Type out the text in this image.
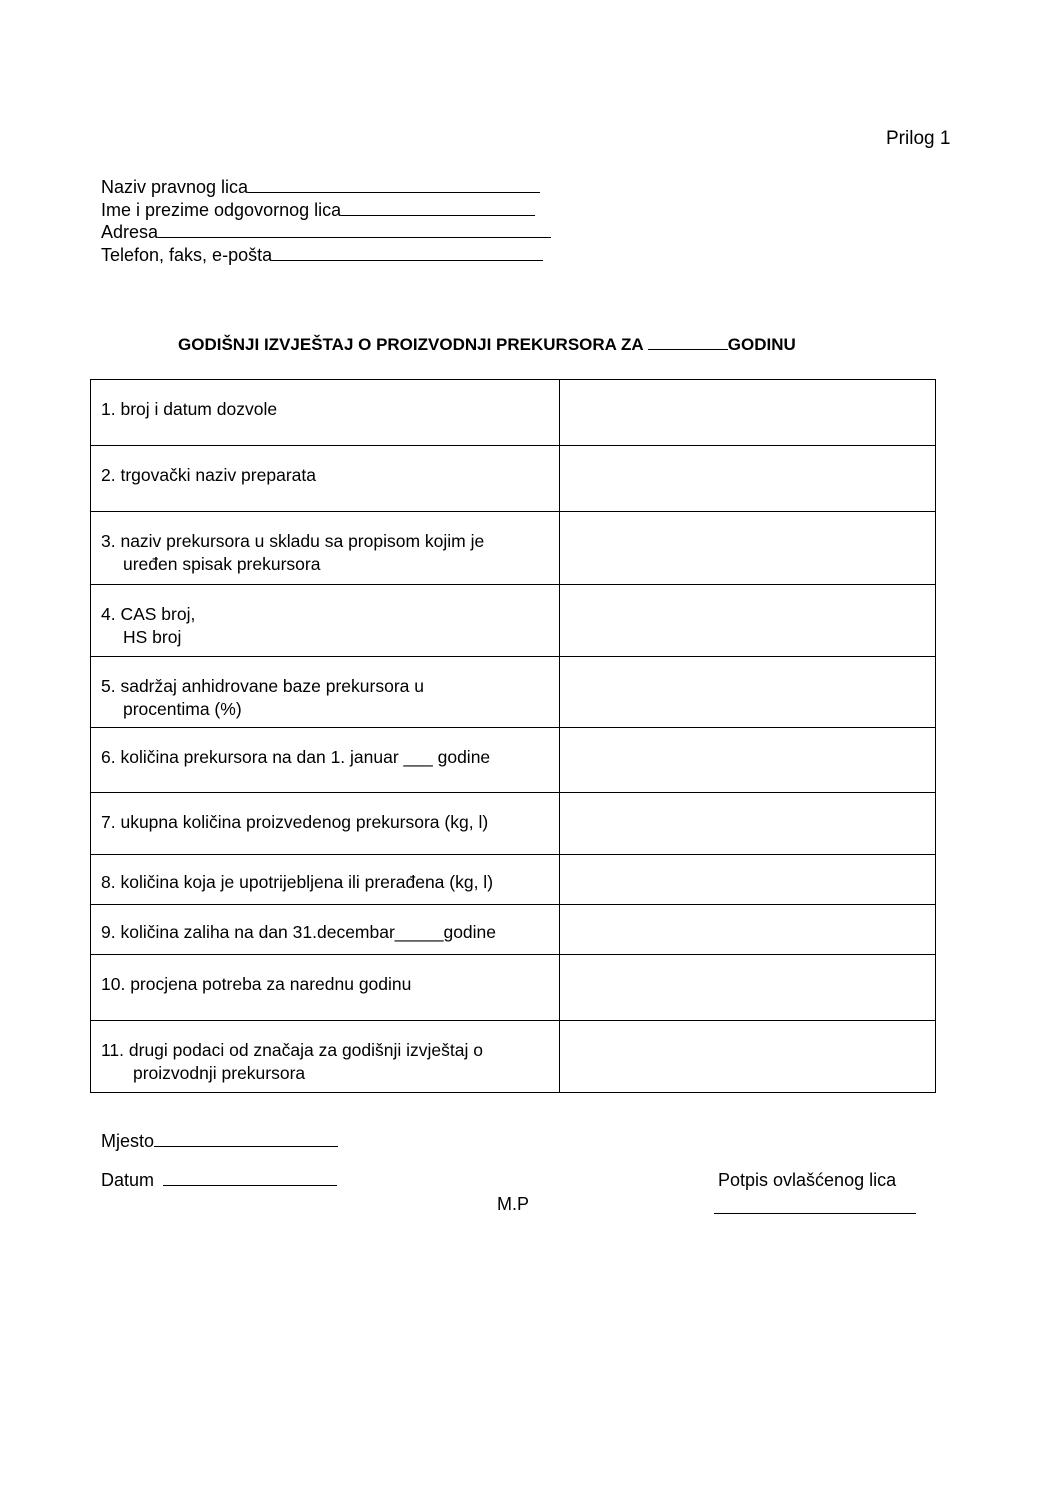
Prilog 1
Naziv pravnog lica
Ime i prezime odgovornog lica
Adresa
Telefon, faks, e-pošta
GODIŠNJI IZVJEŠTAJ O PROIZVODNJI PREKURSORA ZA	GODINU
1. broj i datum dozvole	
2. trgovački naziv preparata	
3. naziv prekursora u skladu sa propisom kojim je
uređen spisak prekursora	

4. CAS broj,
HS broj	

5. sadržaj anhidrovane baze prekursora u
procentima (%)	

6. količina prekursora na dan 1. januar ___ godine	
7. ukupna količina proizvedenog prekursora (kg, l)	
8. količina koja je upotrijebljena ili prerađena (kg, l)	
9. količina zaliha na dan 31.decembar_____godine	
10. procjena potreba za narednu godinu	
11. drugi podaci od značaja za godišnji izvještaj o
proizvodnji prekursora	

Mjesto
Datum
M.P
Potpis ovlašćenog lica
